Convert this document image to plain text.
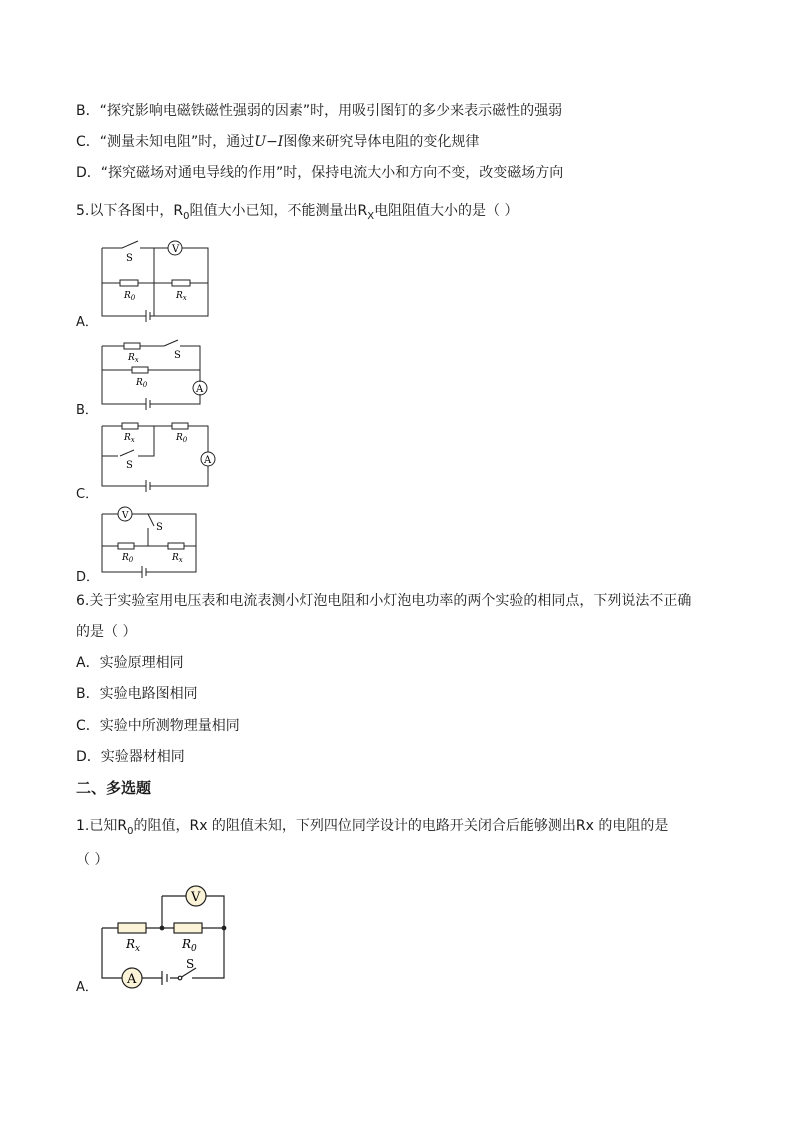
B．“探究影响电磁铁磁性强弱的因素”时，用吸引图钉的多少来表示磁性的强弱
C．“测量未知电阻”时，通过U−I图像来研究导体电阻的变化规律
D．“探究磁场对通电导线的作用”时，保持电流大小和方向不变，改变磁场方向
5.以下各图中，$R_0$阻值大小已知，不能测量出$R_X$电阻阻值大小的是（ ）
A．
V
S
$R_0$	$R_x$
B．
A
S
$R_x$
$R_0$
C．
A
S
$R_x$	$R_0$
D．
V
S
$R_0$	$R_x$
6.关于实验室用电压表和电流表测小灯泡电阻和小灯泡电功率的两个实验的相同点，下列说法不正确
的是（ ）
A．实验原理相同
B．实验电路图相同
C．实验中所测物理量相同
D．实验器材相同
二、多选题
1.已知$R_0$的阻值，Rx 的阻值未知，下列四位同学设计的电路开关闭合后能够测出Rx 的电阻的是
（ ）
A．
V
A
S
$R_x$	$R_0$
